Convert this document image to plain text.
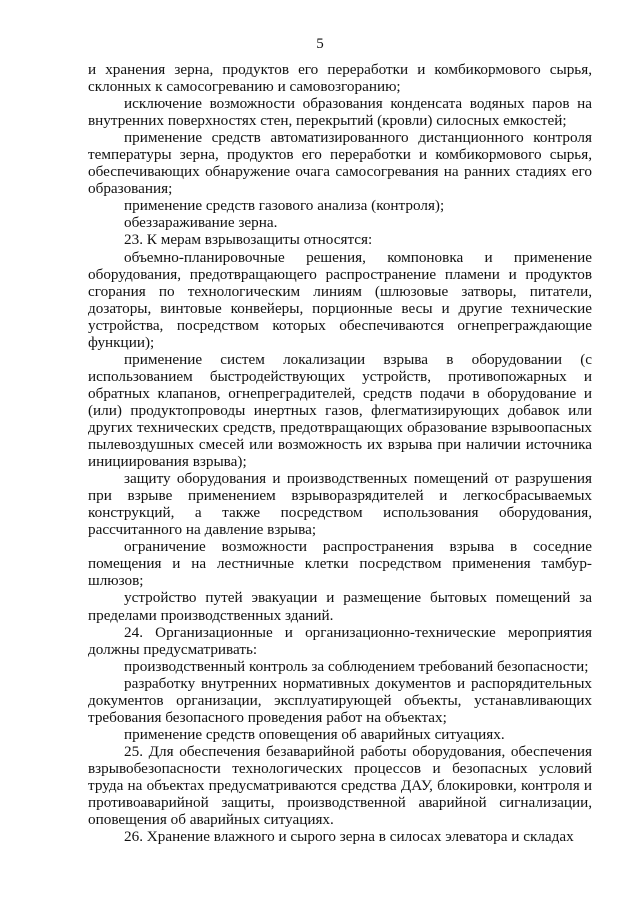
5

и хранения зерна, продуктов его переработки и комбикормового сырья, склонных к самосогреванию и самовозгоранию;

исключение возможности образования конденсата водяных паров на внутренних поверхностях стен, перекрытий (кровли) силосных емкостей;

применение средств автоматизированного дистанционного контроля температуры зерна, продуктов его переработки и комбикормового сырья, обеспечивающих обнаружение очага самосогревания на ранних стадиях его образования;

применение средств газового анализа (контроля);

обеззараживание зерна.

23. К мерам взрывозащиты относятся:

объемно-планировочные решения, компоновка и применение оборудования, предотвращающего распространение пламени и продуктов сгорания по технологическим линиям (шлюзовые затворы, питатели, дозаторы, винтовые конвейеры, порционные весы и другие технические устройства, посредством которых обеспечиваются огнепреграждающие функции);

применение систем локализации взрыва в оборудовании (с использованием быстродействующих устройств, противопожарных и обратных клапанов, огнепреградителей, средств подачи в оборудование и (или) продуктопроводы инертных газов, флегматизирующих добавок или других технических средств, предотвращающих образование взрывоопасных пылевоздушных смесей или возможность их взрыва при наличии источника инициирования взрыва);

защиту оборудования и производственных помещений от разрушения при взрыве применением взрыворазрядителей и легкосбрасываемых конструкций, а также посредством использования оборудования, рассчитанного на давление взрыва;

ограничение возможности распространения взрыва в соседние помещения и на лестничные клетки посредством применения тамбур-шлюзов;

устройство путей эвакуации и размещение бытовых помещений за пределами производственных зданий.

24. Организационные и организационно-технические мероприятия должны предусматривать:

производственный контроль за соблюдением требований безопасности;

разработку внутренних нормативных документов и распорядительных документов организации, эксплуатирующей объекты, устанавливающих требования безопасного проведения работ на объектах;

применение средств оповещения об аварийных ситуациях.

25. Для обеспечения безаварийной работы оборудования, обеспечения взрывобезопасности технологических процессов и безопасных условий труда на объектах предусматриваются средства ДАУ, блокировки, контроля и противоаварийной защиты, производственной аварийной сигнализации, оповещения об аварийных ситуациях.

26. Хранение влажного и сырого зерна в силосах элеватора и складах
